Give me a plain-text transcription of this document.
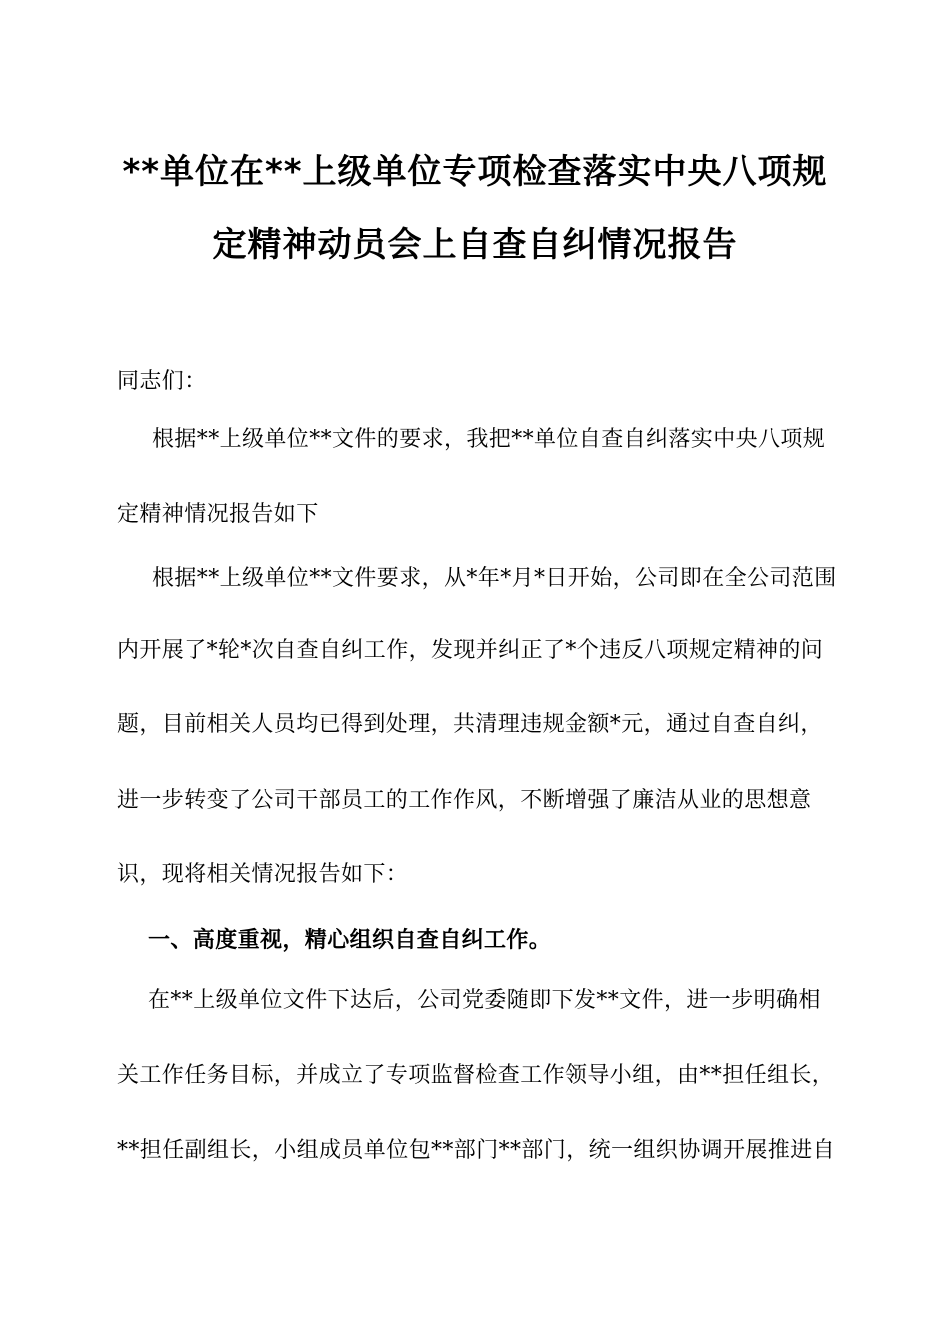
**单位在**上级单位专项检查落实中央八项规
定精神动员会上自查自纠情况报告
同志们：
根据**上级单位**文件的要求，我把**单位自查自纠落实中央八项规
定精神情况报告如下
根据**上级单位**文件要求，从*年*月*日开始，公司即在全公司范围
内开展了*轮*次自查自纠工作，发现并纠正了*个违反八项规定精神的问
题，目前相关人员均已得到处理，共清理违规金额*元，通过自查自纠，
进一步转变了公司干部员工的工作作风，不断增强了廉洁从业的思想意
识，现将相关情况报告如下：
一、高度重视，精心组织自查自纠工作。
在**上级单位文件下达后，公司党委随即下发**文件，进一步明确相
关工作任务目标，并成立了专项监督检查工作领导小组，由**担任组长，
**担任副组长，小组成员单位包**部门**部门，统一组织协调开展推进自
